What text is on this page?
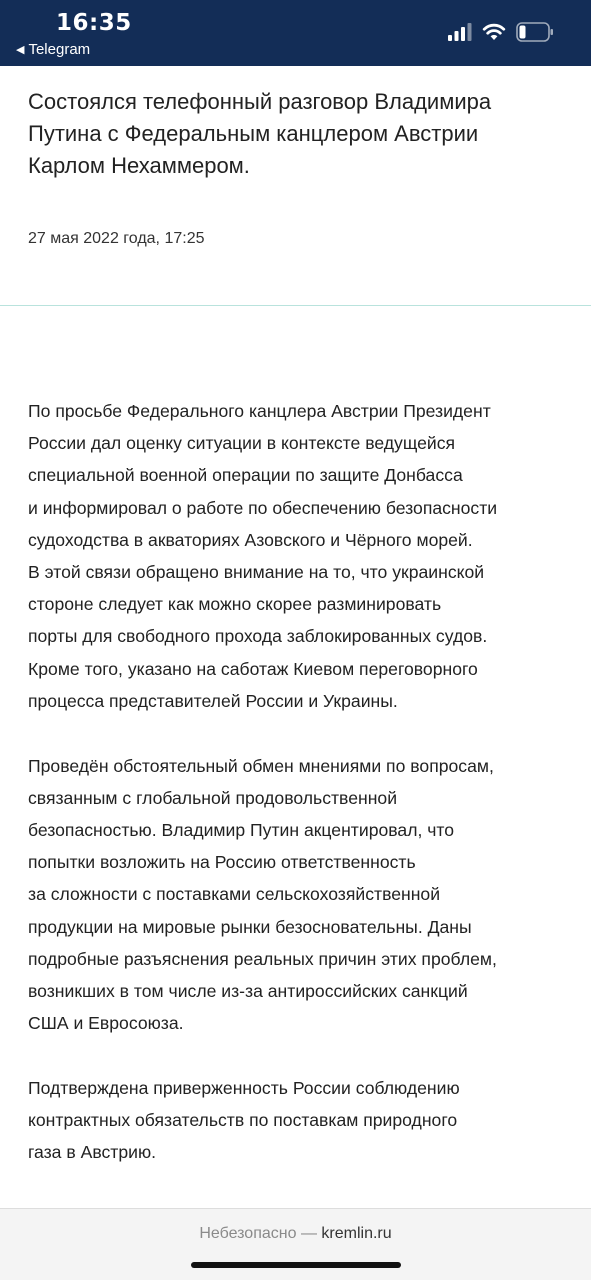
16:35
◀ Telegram
Состоялся телефонный разговор Владимира
Путина с Федеральным канцлером Австрии
Карлом Нехаммером.
27 мая 2022 года, 17:25

По просьбе Федерального канцлера Австрии Президент
России дал оценку ситуации в контексте ведущейся
специальной военной операции по защите Донбасса
и информировал о работе по обеспечению безопасности
судоходства в акваториях Азовского и Чёрного морей.
В этой связи обращено внимание на то, что украинской
стороне следует как можно скорее разминировать
порты для свободного прохода заблокированных судов.
Кроме того, указано на саботаж Киевом переговорного
процесса представителей России и Украины.

Проведён обстоятельный обмен мнениями по вопросам,
связанным с глобальной продовольственной
безопасностью. Владимир Путин акцентировал, что
попытки возложить на Россию ответственность
за сложности с поставками сельскохозяйственной
продукции на мировые рынки безосновательны. Даны
подробные разъяснения реальных причин этих проблем,
возникших в том числе из-за антироссийских санкций
США и Евросоюза.

Подтверждена приверженность России соблюдению
контрактных обязательств по поставкам природного
газа в Австрию.

Небезопасно — kremlin.ru
